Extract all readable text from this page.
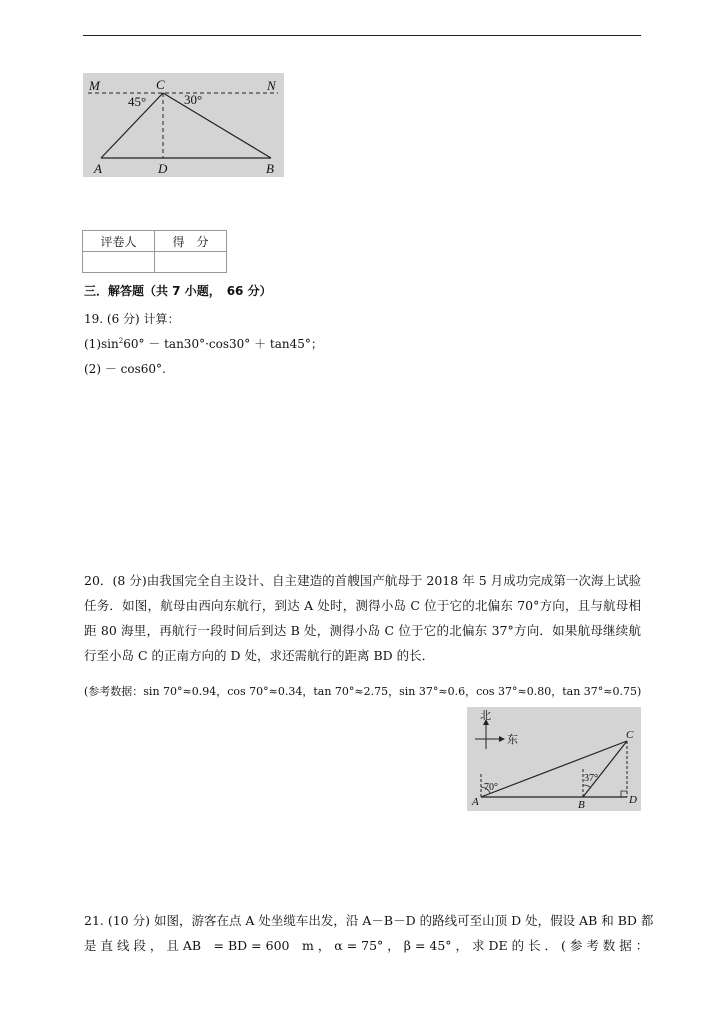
M	C	N
45°	30°
A	D	B
评卷人	得　分

三．解答题（共 7 小题，　66 分）
19. (6 分) 计算：
$(1)\sin^260^\circ - \tan 30^\circ\cdot\cos 30^\circ + \tan 45^\circ$；
(2) － cos60°.
20．(8 分)由我国完全自主设计、自主建造的首艘国产航母于 2018 年 5 月成功完成第一次海上试验任务．如图，航母由西向东航行，到达 A 处时，测得小岛 C 位于它的北偏东 70°方向，且与航母相距 80 海里，再航行一段时间后到达 B 处，测得小岛 C 位于它的北偏东 37°方向．如果航母继续航行至小岛 C 的正南方向的 D 处，求还需航行的距离 BD 的长．
(参考数据：sin 70°≈0.94，cos 70°≈0.34，tan 70°≈2.75，sin 37°≈0.6，cos 37°≈0.80，tan 37°≈0.75)
北
东
70°
37°
A	B
C
D
21. (10 分) 如图，游客在点 A 处坐缆车出发，沿 A－B－D 的路线可至山顶 D 处，假设 AB 和 BD 都
是 直 线 段 ， 且 AB　= BD = 600　m ， α = 75° ， β = 45° ， 求 DE 的 长 ． ( 参 考 数 据 ：
